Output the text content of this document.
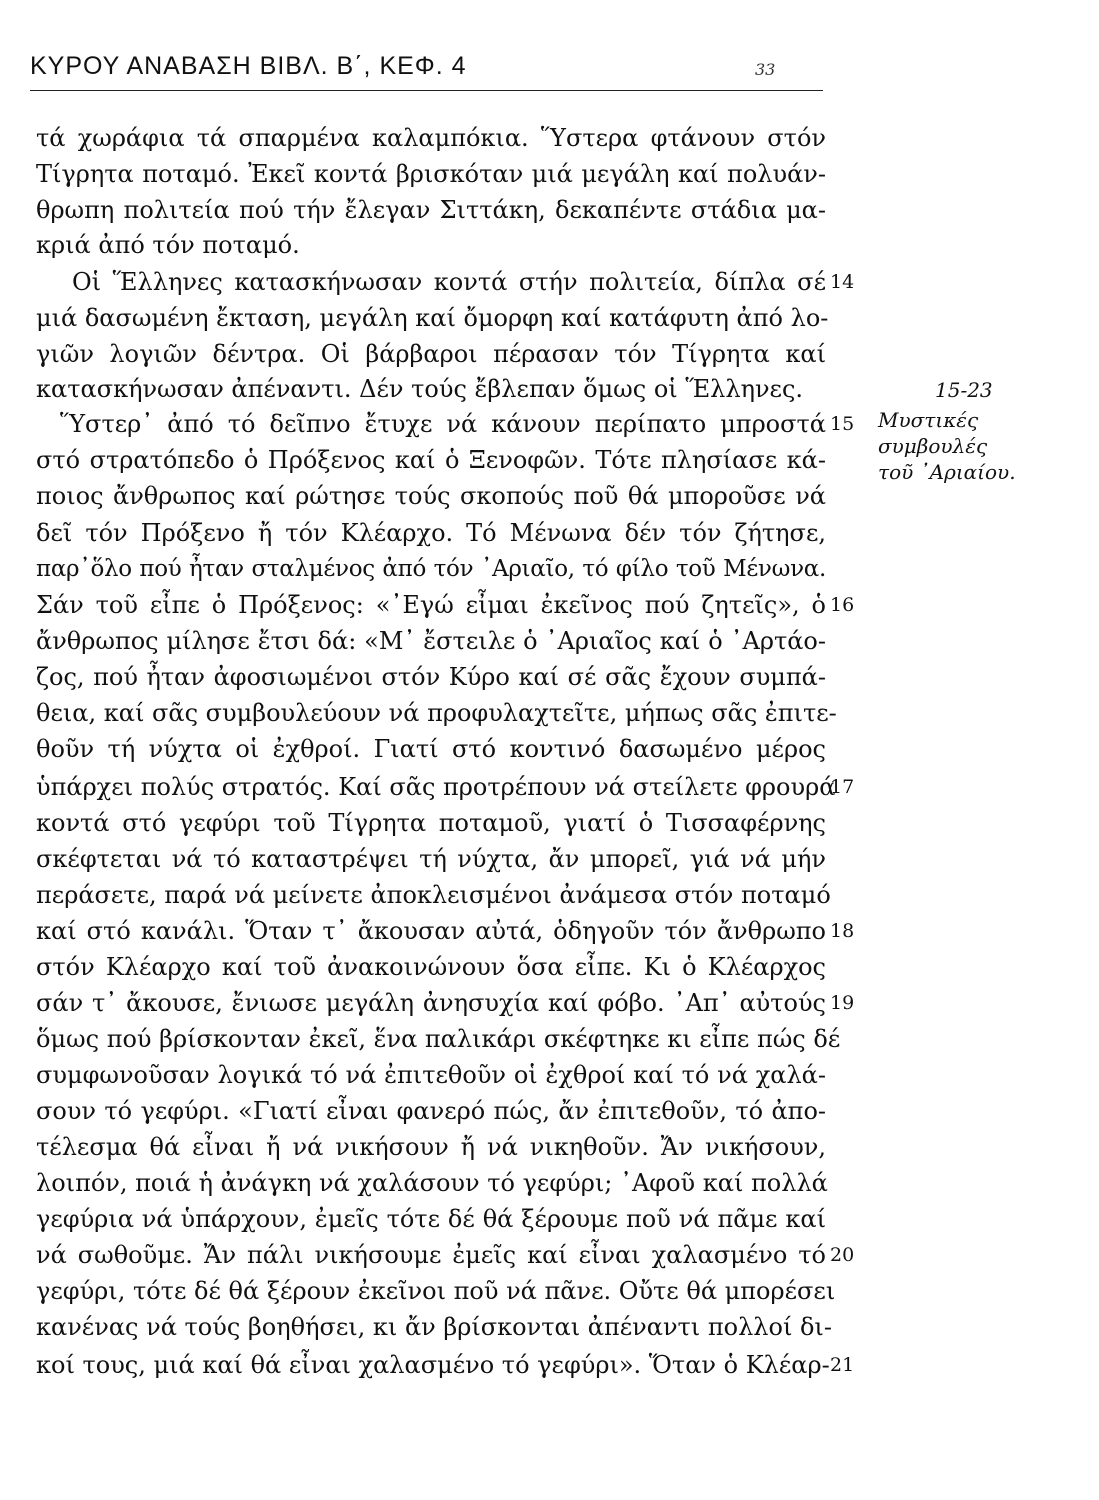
ΚΥΡΟΥ ΑΝΑΒΑΣΗ ΒΙΒΛ. Β΄, ΚΕΦ. 4	33
τά χωράφια τά σπαρμένα καλαμπόκια. Ὕστερα φτάνουν στόν
Τίγρητα ποταμό. Ἐκεῖ κοντά βρισκόταν μιά μεγάλη καί πολυάν-
θρωπη πολιτεία πού τήν ἔλεγαν Σιττάκη, δεκαπέντε στάδια μα-
κριά ἀπό τόν ποταμό.
Οἱ Ἕλληνες κατασκήνωσαν κοντά στήν πολιτεία, δίπλα σέ
μιά δασωμένη ἔκταση, μεγάλη καί ὄμορφη καί κατάφυτη ἀπό λο-
γιῶν λογιῶν δέντρα. Οἱ βάρβαροι πέρασαν τόν Τίγρητα καί
κατασκήνωσαν ἀπέναντι. Δέν τούς ἔβλεπαν ὅμως οἱ Ἕλληνες.
Ὕστερ᾽ ἀπό τό δεῖπνο ἔτυχε νά κάνουν περίπατο μπροστά
στό στρατόπεδο ὁ Πρόξενος καί ὁ Ξενοφῶν. Τότε πλησίασε κά-
ποιος ἄνθρωπος καί ρώτησε τούς σκοπούς ποῦ θά μποροῦσε νά
δεῖ τόν Πρόξενο ἤ τόν Κλέαρχο. Τό Μένωνα δέν τόν ζήτησε,
παρ᾽ὅλο πού ἦταν σταλμένος ἀπό τόν ᾽Αριαῖο, τό φίλο τοῦ Μένωνα.
Σάν τοῦ εἶπε ὁ Πρόξενος: «᾽Εγώ εἶμαι ἐκεῖνος πού ζητεῖς», ὁ
ἄνθρωπος μίλησε ἔτσι δά: «Μ᾽ ἔστειλε ὁ ᾽Αριαῖος καί ὁ ᾽Αρτάο-
ζος, πού ἦταν ἀφοσιωμένοι στόν Κύρο καί σέ σᾶς ἔχουν συμπά-
θεια, καί σᾶς συμβουλεύουν νά προφυλαχτεῖτε, μήπως σᾶς ἐπιτε-
θοῦν τή νύχτα οἱ ἐχθροί. Γιατί στό κοντινό δασωμένο μέρος
ὑπάρχει πολύς στρατός. Καί σᾶς προτρέπουν νά στείλετε φρουρά
κοντά στό γεφύρι τοῦ Τίγρητα ποταμοῦ, γιατί ὁ Τισσαφέρνης
σκέφτεται νά τό καταστρέψει τή νύχτα, ἄν μπορεῖ, γιά νά μήν
περάσετε, παρά νά μείνετε ἀποκλεισμένοι ἀνάμεσα στόν ποταμό
καί στό κανάλι. Ὅταν τ᾽ ἄκουσαν αὐτά, ὁδηγοῦν τόν ἄνθρωπο
στόν Κλέαρχο καί τοῦ ἀνακοινώνουν ὅσα εἶπε. Κι ὁ Κλέαρχος
σάν τ᾽ ἄκουσε, ἔνιωσε μεγάλη ἀνησυχία καί φόβο. ᾽Απ᾽ αὐτούς
ὅμως πού βρίσκονταν ἐκεῖ, ἕνα παλικάρι σκέφτηκε κι εἶπε πώς δέ
συμφωνοῦσαν λογικά τό νά ἐπιτεθοῦν οἱ ἐχθροί καί τό νά χαλά-
σουν τό γεφύρι. «Γιατί εἶναι φανερό πώς, ἄν ἐπιτεθοῦν, τό ἀπο-
τέλεσμα θά εἶναι ἤ νά νικήσουν ἤ νά νικηθοῦν. Ἄν νικήσουν,
λοιπόν, ποιά ἡ ἀνάγκη νά χαλάσουν τό γεφύρι; ᾽Αφοῦ καί πολλά
γεφύρια νά ὑπάρχουν, ἐμεῖς τότε δέ θά ξέρουμε ποῦ νά πᾶμε καί
νά σωθοῦμε. Ἄν πάλι νικήσουμε ἐμεῖς καί εἶναι χαλασμένο τό
γεφύρι, τότε δέ θά ξέρουν ἐκεῖνοι ποῦ νά πᾶνε. Οὔτε θά μπορέσει
κανένας νά τούς βοηθήσει, κι ἄν βρίσκονται ἀπέναντι πολλοί δι-
κοί τους, μιά καί θά εἶναι χαλασμένο τό γεφύρι». Ὅταν ὁ Κλέαρ-
14
15
16
17
18
19
20
21
15-23
Μυστικές
συμβουλές
τοῦ ᾽Αριαίου.
